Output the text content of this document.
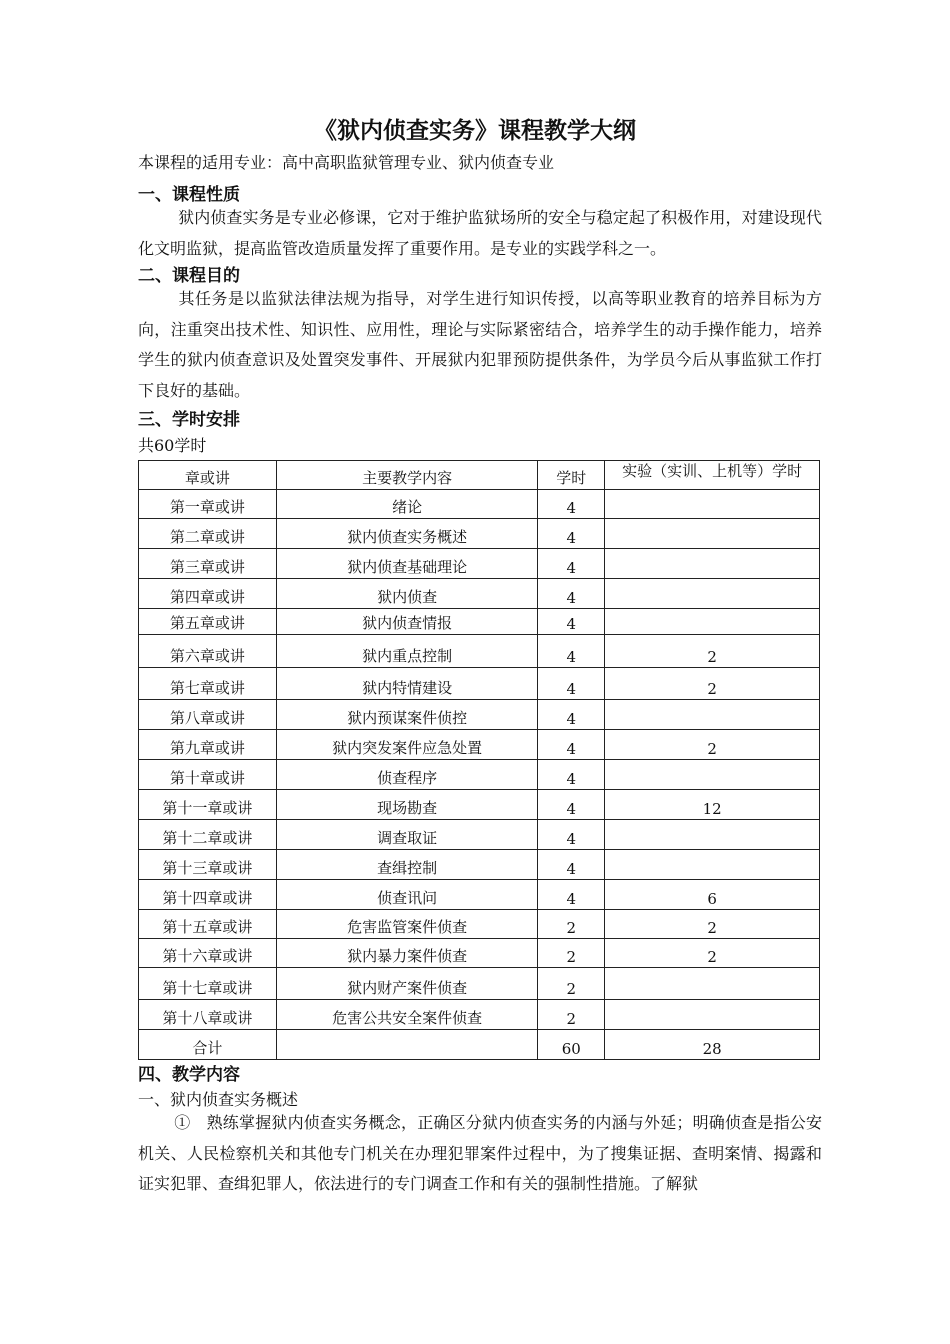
《狱内侦查实务》课程教学大纲
本课程的适用专业：高中高职监狱管理专业、狱内侦查专业
一、课程性质
狱内侦查实务是专业必修课，它对于维护监狱场所的安全与稳定起了积极作用，对建设现代化文明监狱，提高监管改造质量发挥了重要作用。是专业的实践学科之一。
二、课程目的
其任务是以监狱法律法规为指导，对学生进行知识传授，以高等职业教育的培养目标为方向，注重突出技术性、知识性、应用性，理论与实际紧密结合，培养学生的动手操作能力，培养学生的狱内侦查意识及处置突发事件、开展狱内犯罪预防提供条件，为学员今后从事监狱工作打下良好的基础。
三、学时安排
共60学时
章或讲	主要教学内容	学时	实验（实训、上机等）学时

第一章或讲	绪论	4	
第二章或讲	狱内侦查实务概述	4	
第三章或讲	狱内侦查基础理论	4	
第四章或讲	狱内侦查	4	
第五章或讲	狱内侦查情报	4	
第六章或讲	狱内重点控制	4	2
第七章或讲	狱内特情建设	4	2
第八章或讲	狱内预谋案件侦控	4	
第九章或讲	狱内突发案件应急处置	4	2
第十章或讲	侦查程序	4	
第十一章或讲	现场勘查	4	12
第十二章或讲	调查取证	4	
第十三章或讲	查缉控制	4	
第十四章或讲	侦查讯问	4	6
第十五章或讲	危害监管案件侦查	2	2
第十六章或讲	狱内暴力案件侦查	2	2
第十七章或讲	狱内财产案件侦查	2	
第十八章或讲	危害公共安全案件侦查	2	
合计		60	28
四、教学内容
一、狱内侦查实务概述
①　熟练掌握狱内侦查实务概念，正确区分狱内侦查实务的内涵与外延；明确侦查是指公安机关、人民检察机关和其他专门机关在办理犯罪案件过程中，为了搜集证据、查明案情、揭露和证实犯罪、查缉犯罪人，依法进行的专门调查工作和有关的强制性措施。了解狱
